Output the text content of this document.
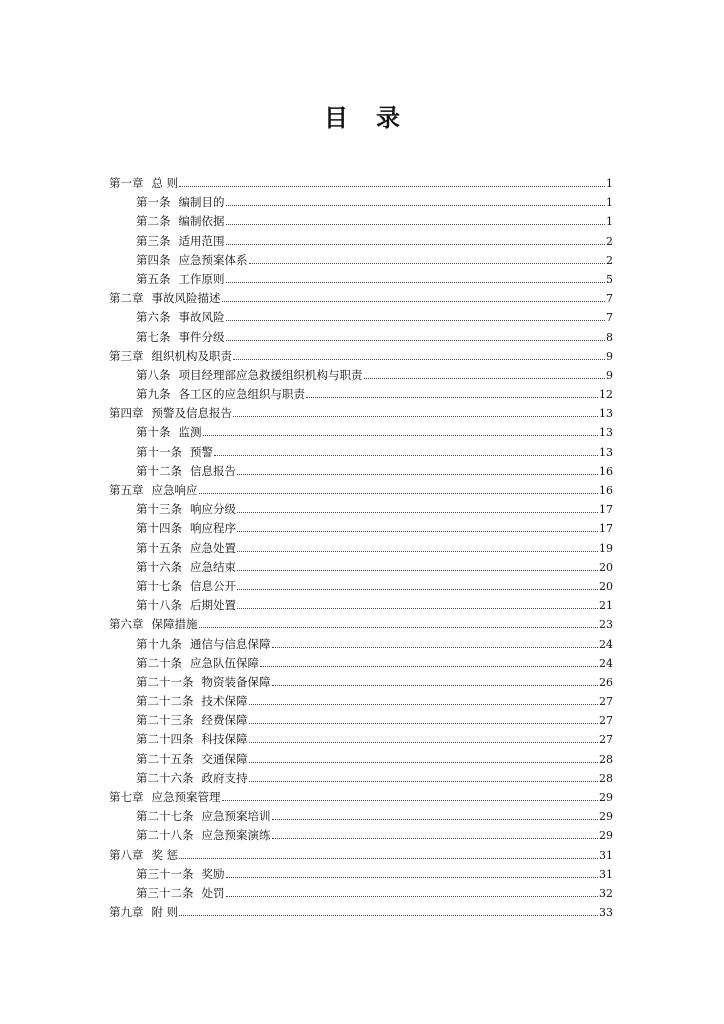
目 录
第一章 总 则	1
第一条 编制目的	1
第二条 编制依据	1
第三条 适用范围	2
第四条 应急预案体系	2
第五条 工作原则	5
第二章 事故风险描述	7
第六条 事故风险	7
第七条 事件分级	8
第三章 组织机构及职责	9
第八条 项目经理部应急救援组织机构与职责	9
第九条 各工区的应急组织与职责	12
第四章 预警及信息报告	13
第十条 监测	13
第十一条 预警	13
第十二条 信息报告	16
第五章 应急响应	16
第十三条 响应分级	17
第十四条 响应程序	17
第十五条 应急处置	19
第十六条 应急结束	20
第十七条 信息公开	20
第十八条 后期处置	21
第六章 保障措施	23
第十九条 通信与信息保障	24
第二十条 应急队伍保障	24
第二十一条 物资装备保障	26
第二十二条 技术保障	27
第二十三条 经费保障	27
第二十四条 科技保障	27
第二十五条 交通保障	28
第二十六条 政府支持	28
第七章 应急预案管理	29
第二十七条 应急预案培训	29
第二十八条 应急预案演练	29
第八章 奖 惩	31
第三十一条 奖励	31
第三十二条 处罚	32
第九章 附 则	33
